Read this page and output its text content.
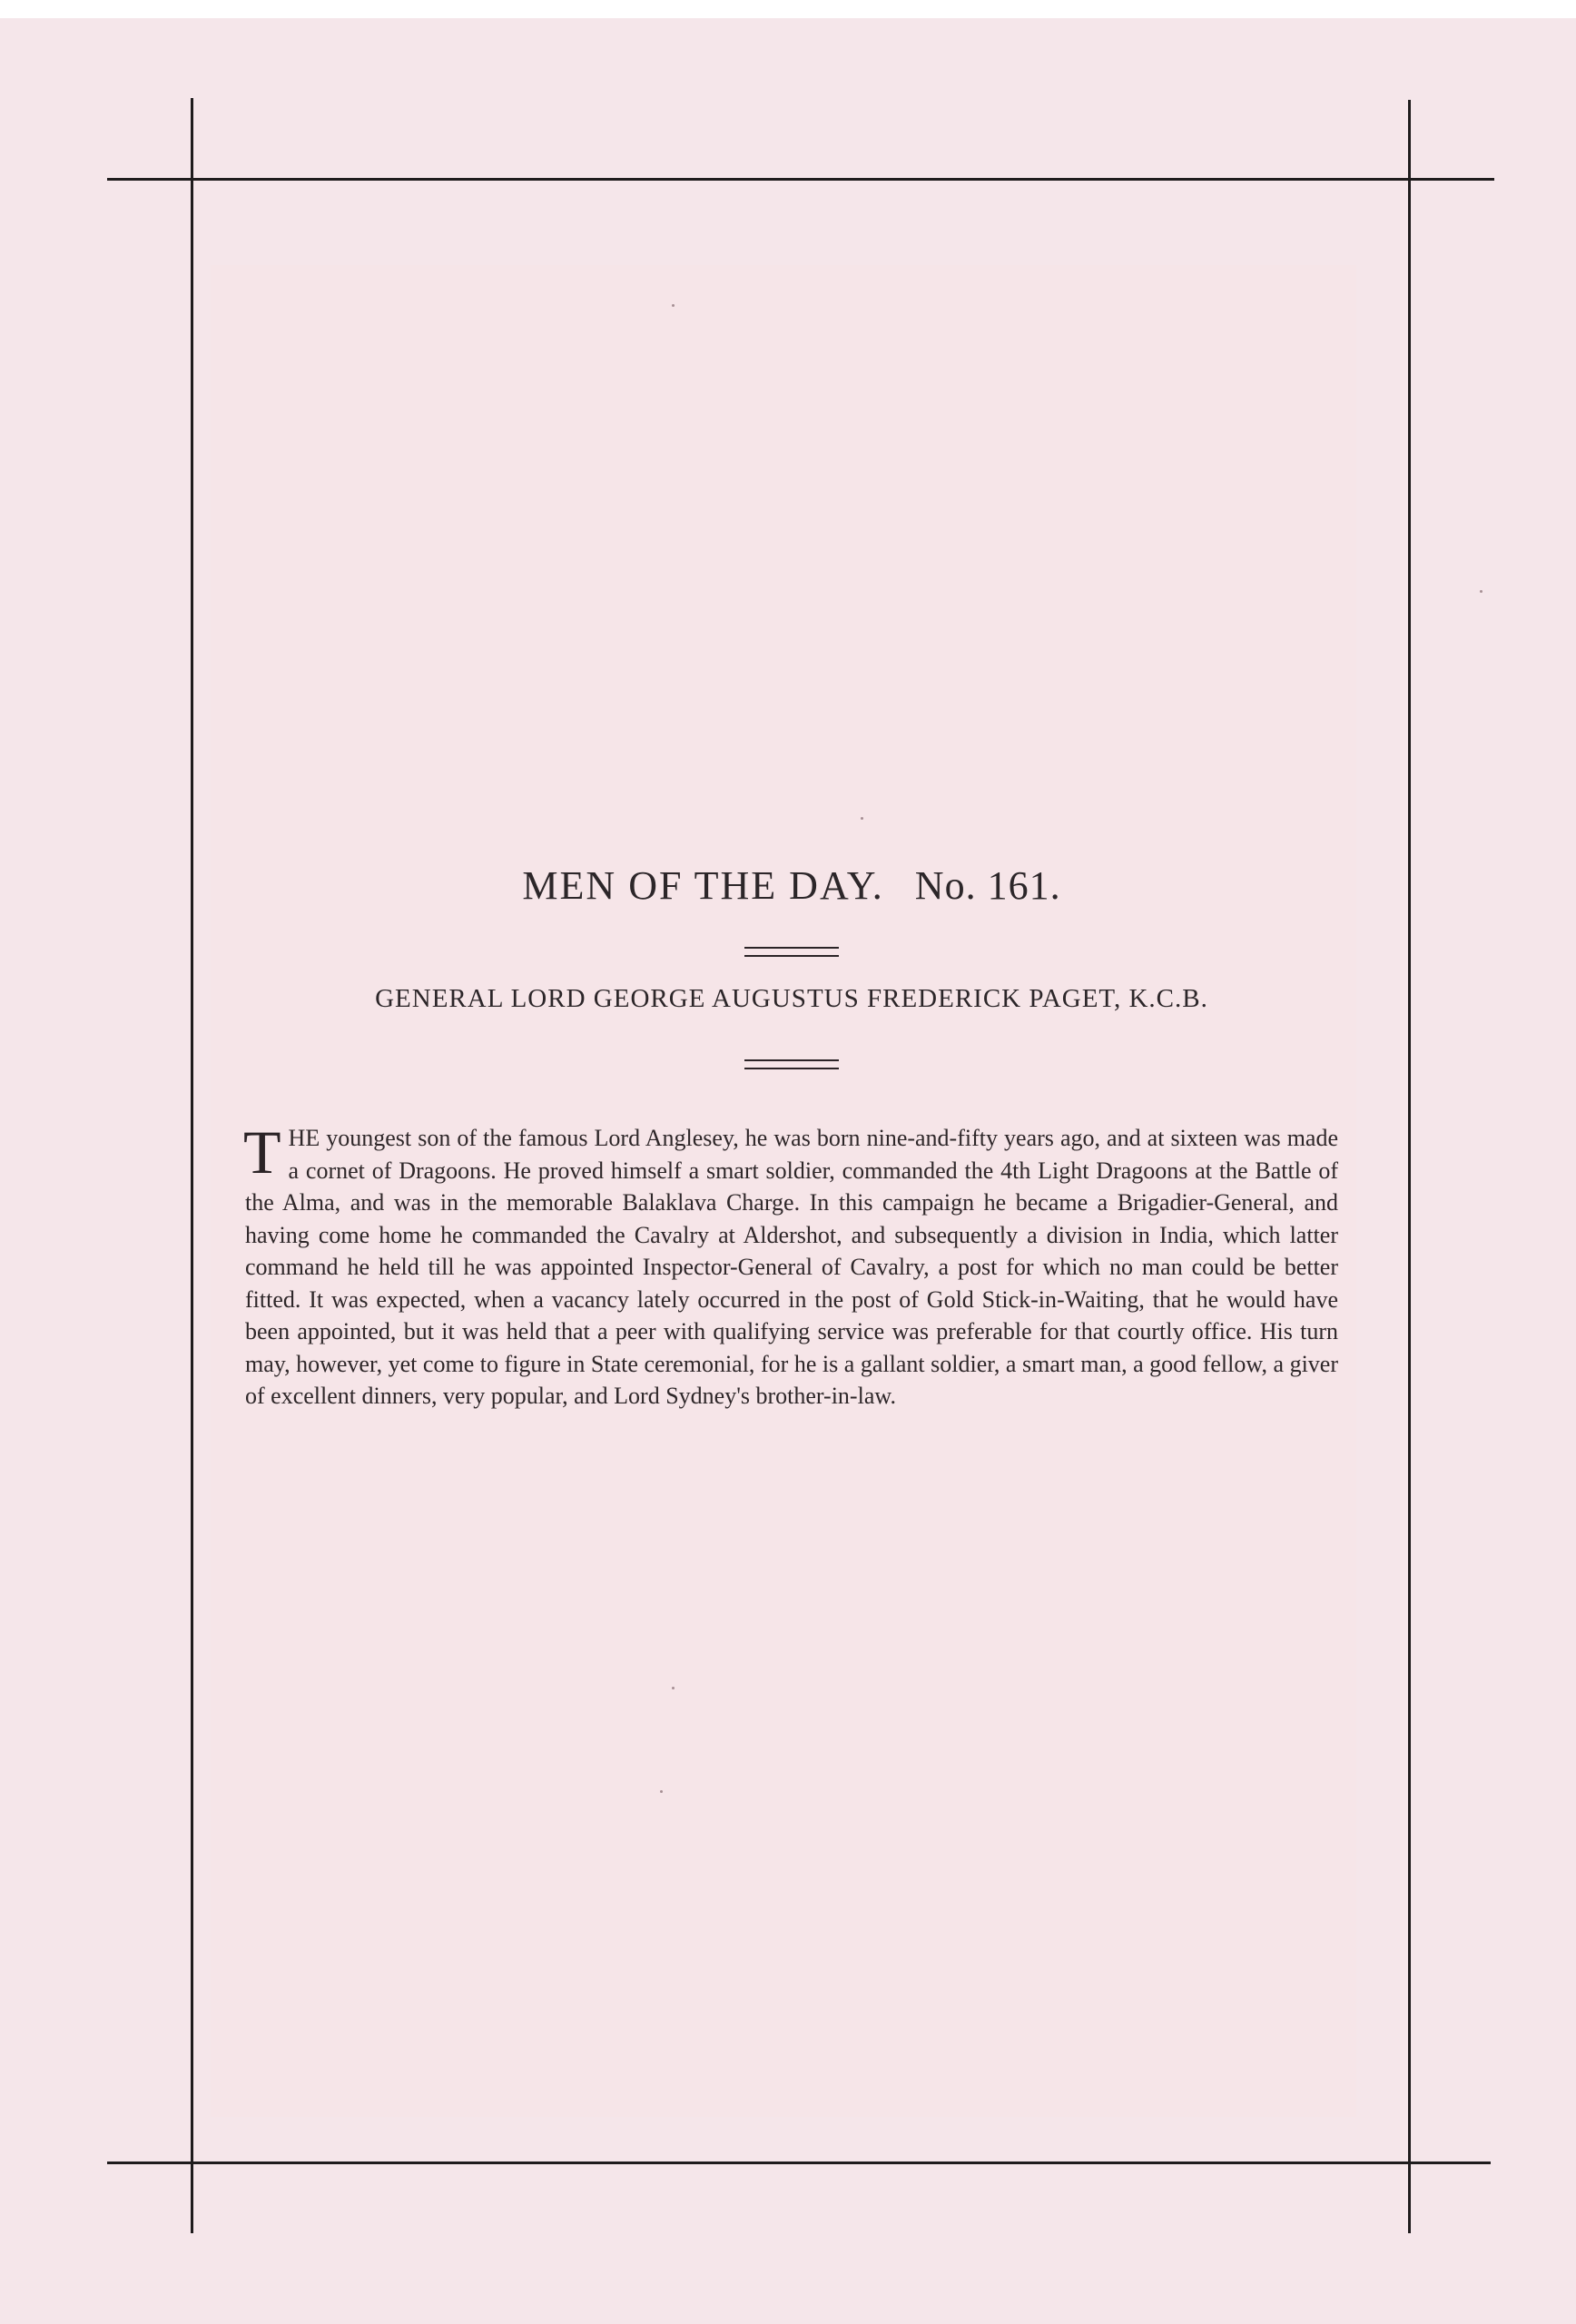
MEN OF THE DAY. No. 161.
GENERAL LORD GEORGE AUGUSTUS FREDERICK PAGET, K.C.B.
THE youngest son of the famous Lord Anglesey, he was born nine-and-fifty years ago, and at sixteen was made a cornet of Dragoons. He proved himself a smart soldier, commanded the 4th Light Dragoons at the Battle of the Alma, and was in the memorable Balaklava Charge. In this campaign he became a Brigadier-General, and having come home he commanded the Cavalry at Aldershot, and subsequently a division in India, which latter command he held till he was appointed Inspector-General of Cavalry, a post for which no man could be better fitted. It was expected, when a vacancy lately occurred in the post of Gold Stick-in-Waiting, that he would have been appointed, but it was held that a peer with qualifying service was preferable for that courtly office. His turn may, however, yet come to figure in State ceremonial, for he is a gallant soldier, a smart man, a good fellow, a giver of excellent dinners, very popular, and Lord Sydney's brother-in-law.
